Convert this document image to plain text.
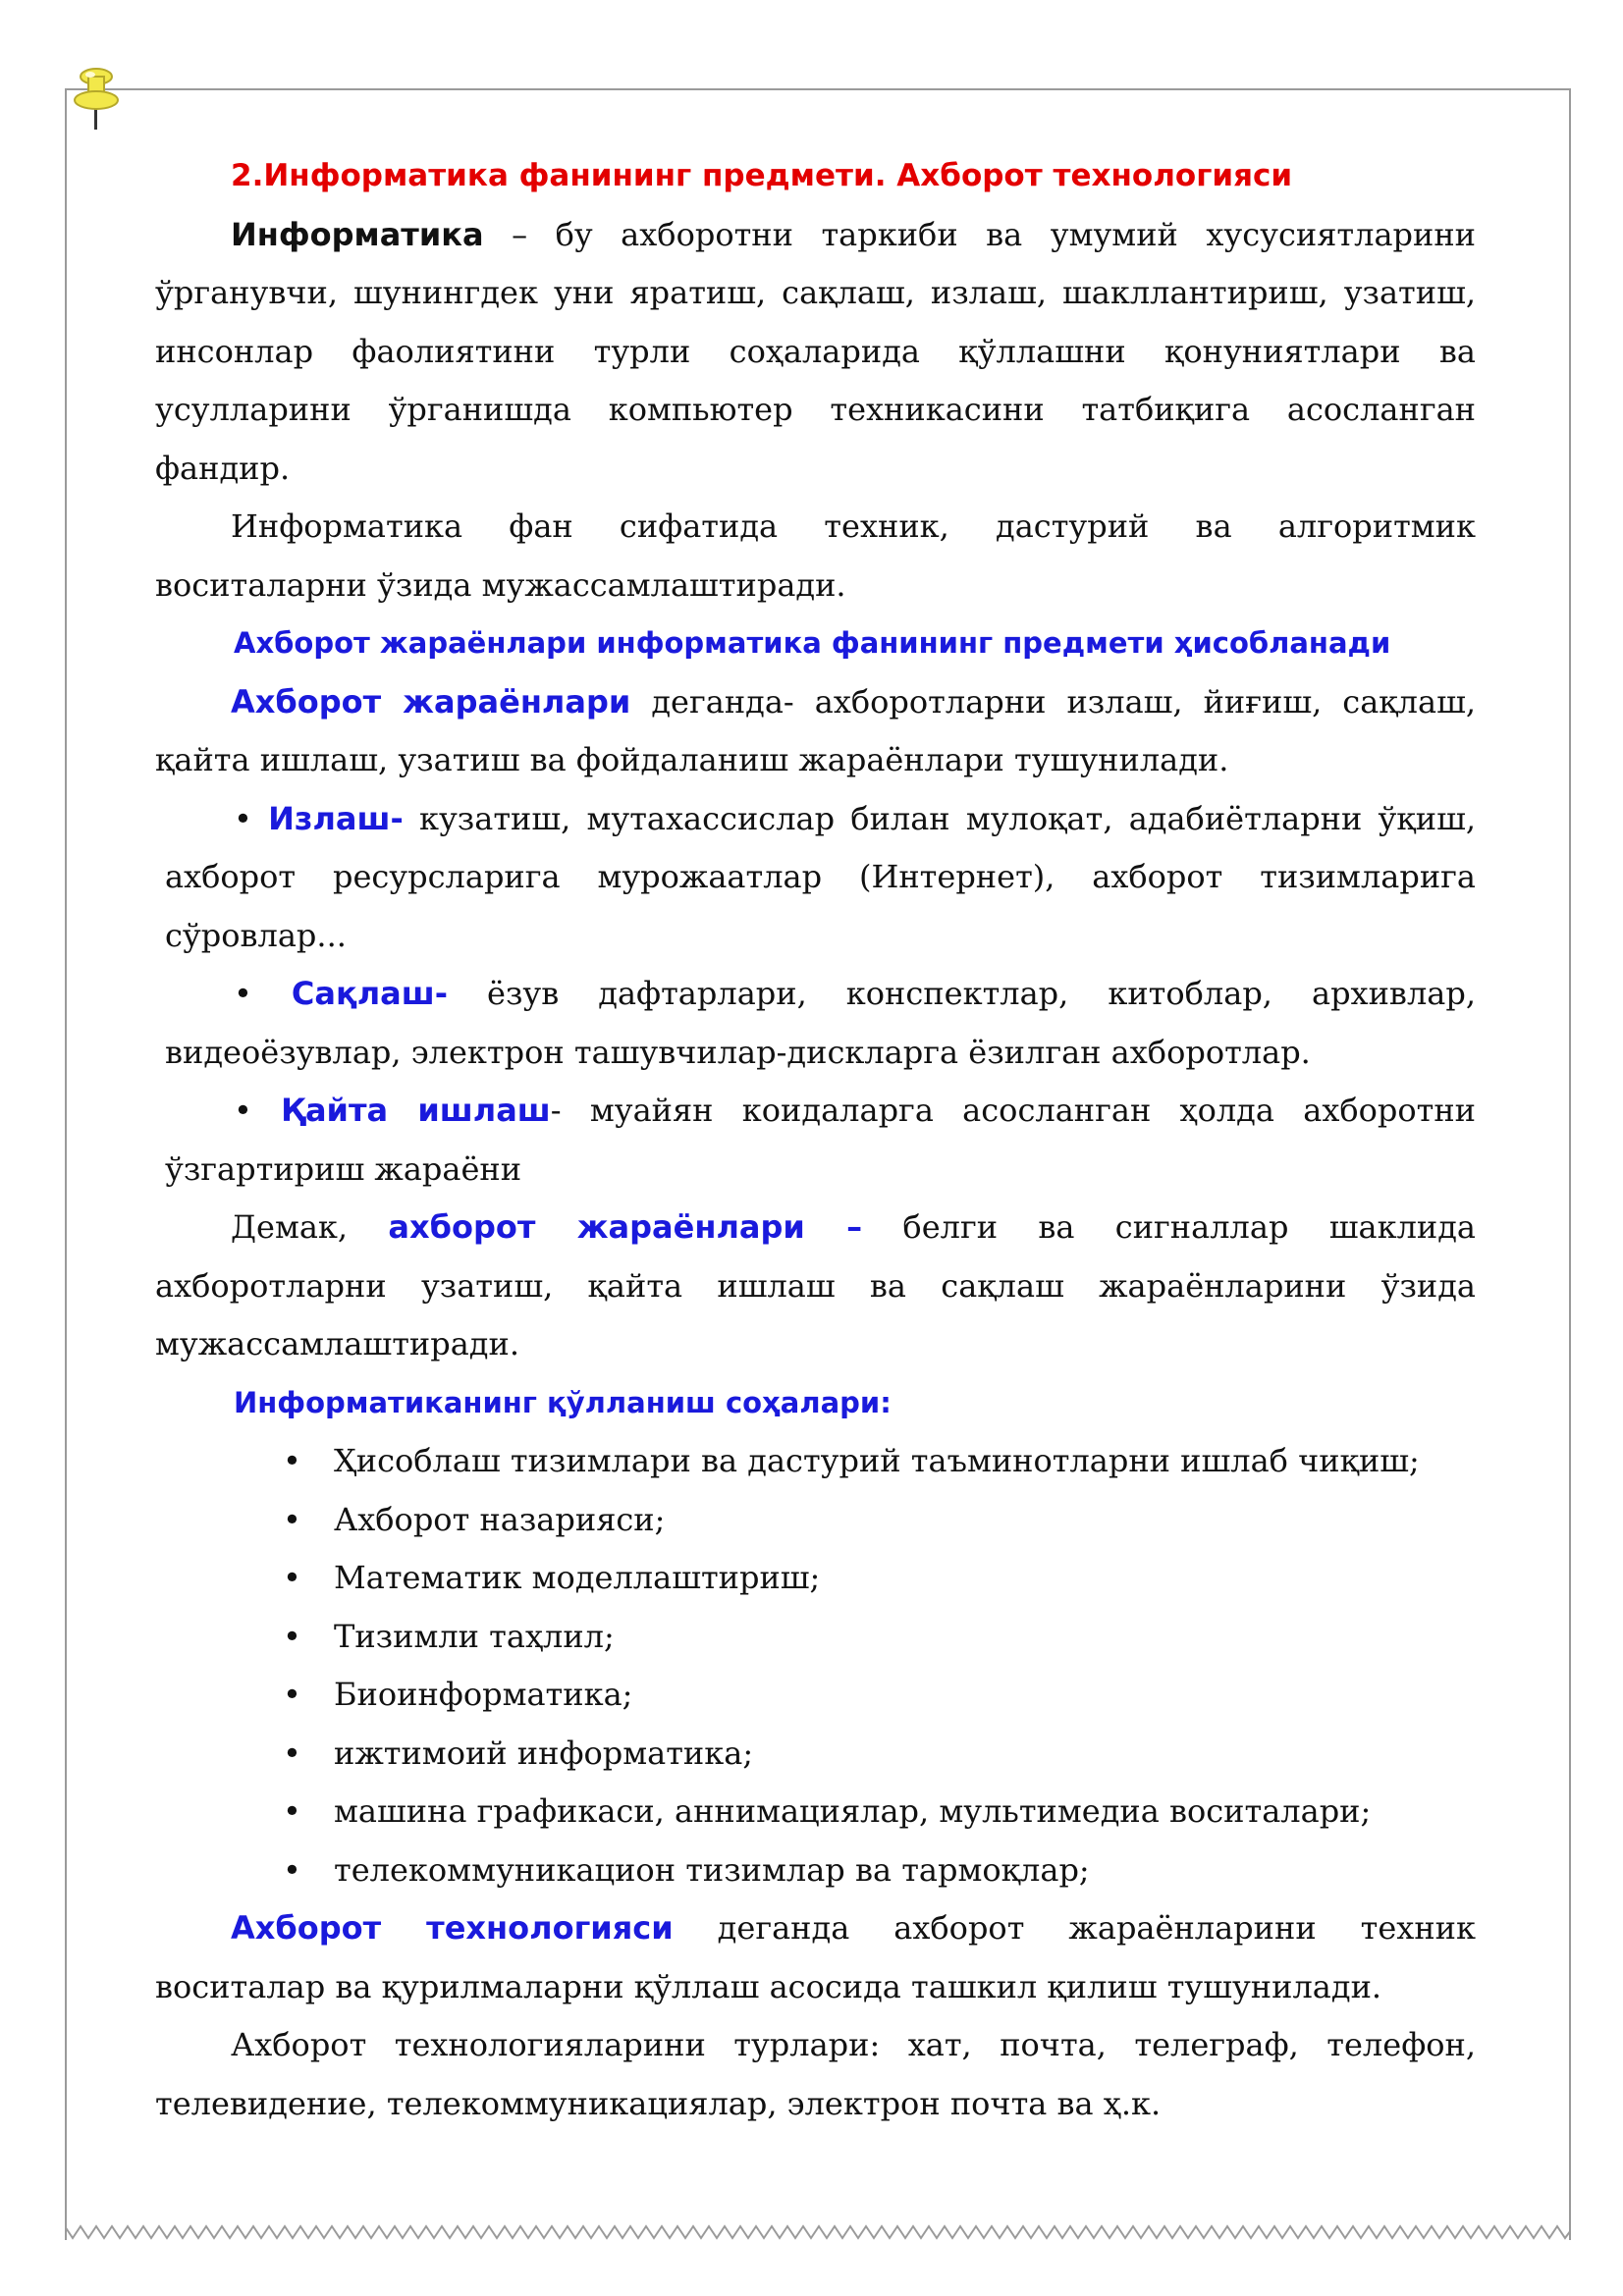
2.Информатика фанининг предмети. Ахборот технологияси

Информатика – бу ахборотни таркиби ва умумий хусусиятларини ўрганувчи, шунингдек уни яратиш, сақлаш, излаш, шакллантириш, узатиш, инсонлар фаолиятини турли соҳаларида қўллашни қонуниятлари ва усулларини ўрганишда компьютер техникасини татбиқига асосланган фандир.

Информатика фан сифатида техник, дастурий ва алгоритмик воситаларни ўзида мужассамлаштиради.

Ахборот жараёнлари информатика фанининг предмети ҳисобланади

Ахборот жараёнлари деганда- ахборотларни излаш, йиғиш, сақлаш, қайта ишлаш, узатиш ва фойдаланиш жараёнлари тушунилади.

• Излаш- кузатиш, мутахассислар билан мулоқат, адабиётларни ўқиш, ахборот ресурсларига мурожаатлар (Интернет), ахборот тизимларига сўровлар...

• Сақлаш- ёзув дафтарлари, конспектлар, китоблар, архивлар, видеоёзувлар, электрон ташувчилар-дискларга ёзилган ахборотлар.

• Қайта ишлаш- муайян коидаларга асосланган ҳолда ахборотни ўзгартириш жараёни

Демак, ахборот жараёнлари – белги ва сигналлар шаклида ахборотларни узатиш, қайта ишлаш ва сақлаш жараёнларини ўзида мужассамлаштиради.

Информатиканинг қўлланиш соҳалари:

• Ҳисоблаш тизимлари ва дастурий таъминотларни ишлаб чиқиш;
• Ахборот назарияси;
• Математик моделлаштириш;
• Тизимли таҳлил;
• Биоинформатика;
• ижтимоий информатика;
• машина графикаси, аннимациялар, мультимедиа воситалари;
• телекоммуникацион тизимлар ва тармоқлар;

Ахборот технологияси деганда ахборот жараёнларини техник воситалар ва қурилмаларни қўллаш асосида ташкил қилиш тушунилади.

Ахборот технологияларини турлари: хат, почта, телеграф, телефон, телевидение, телекоммуникациялар, электрон почта ва ҳ.к.
